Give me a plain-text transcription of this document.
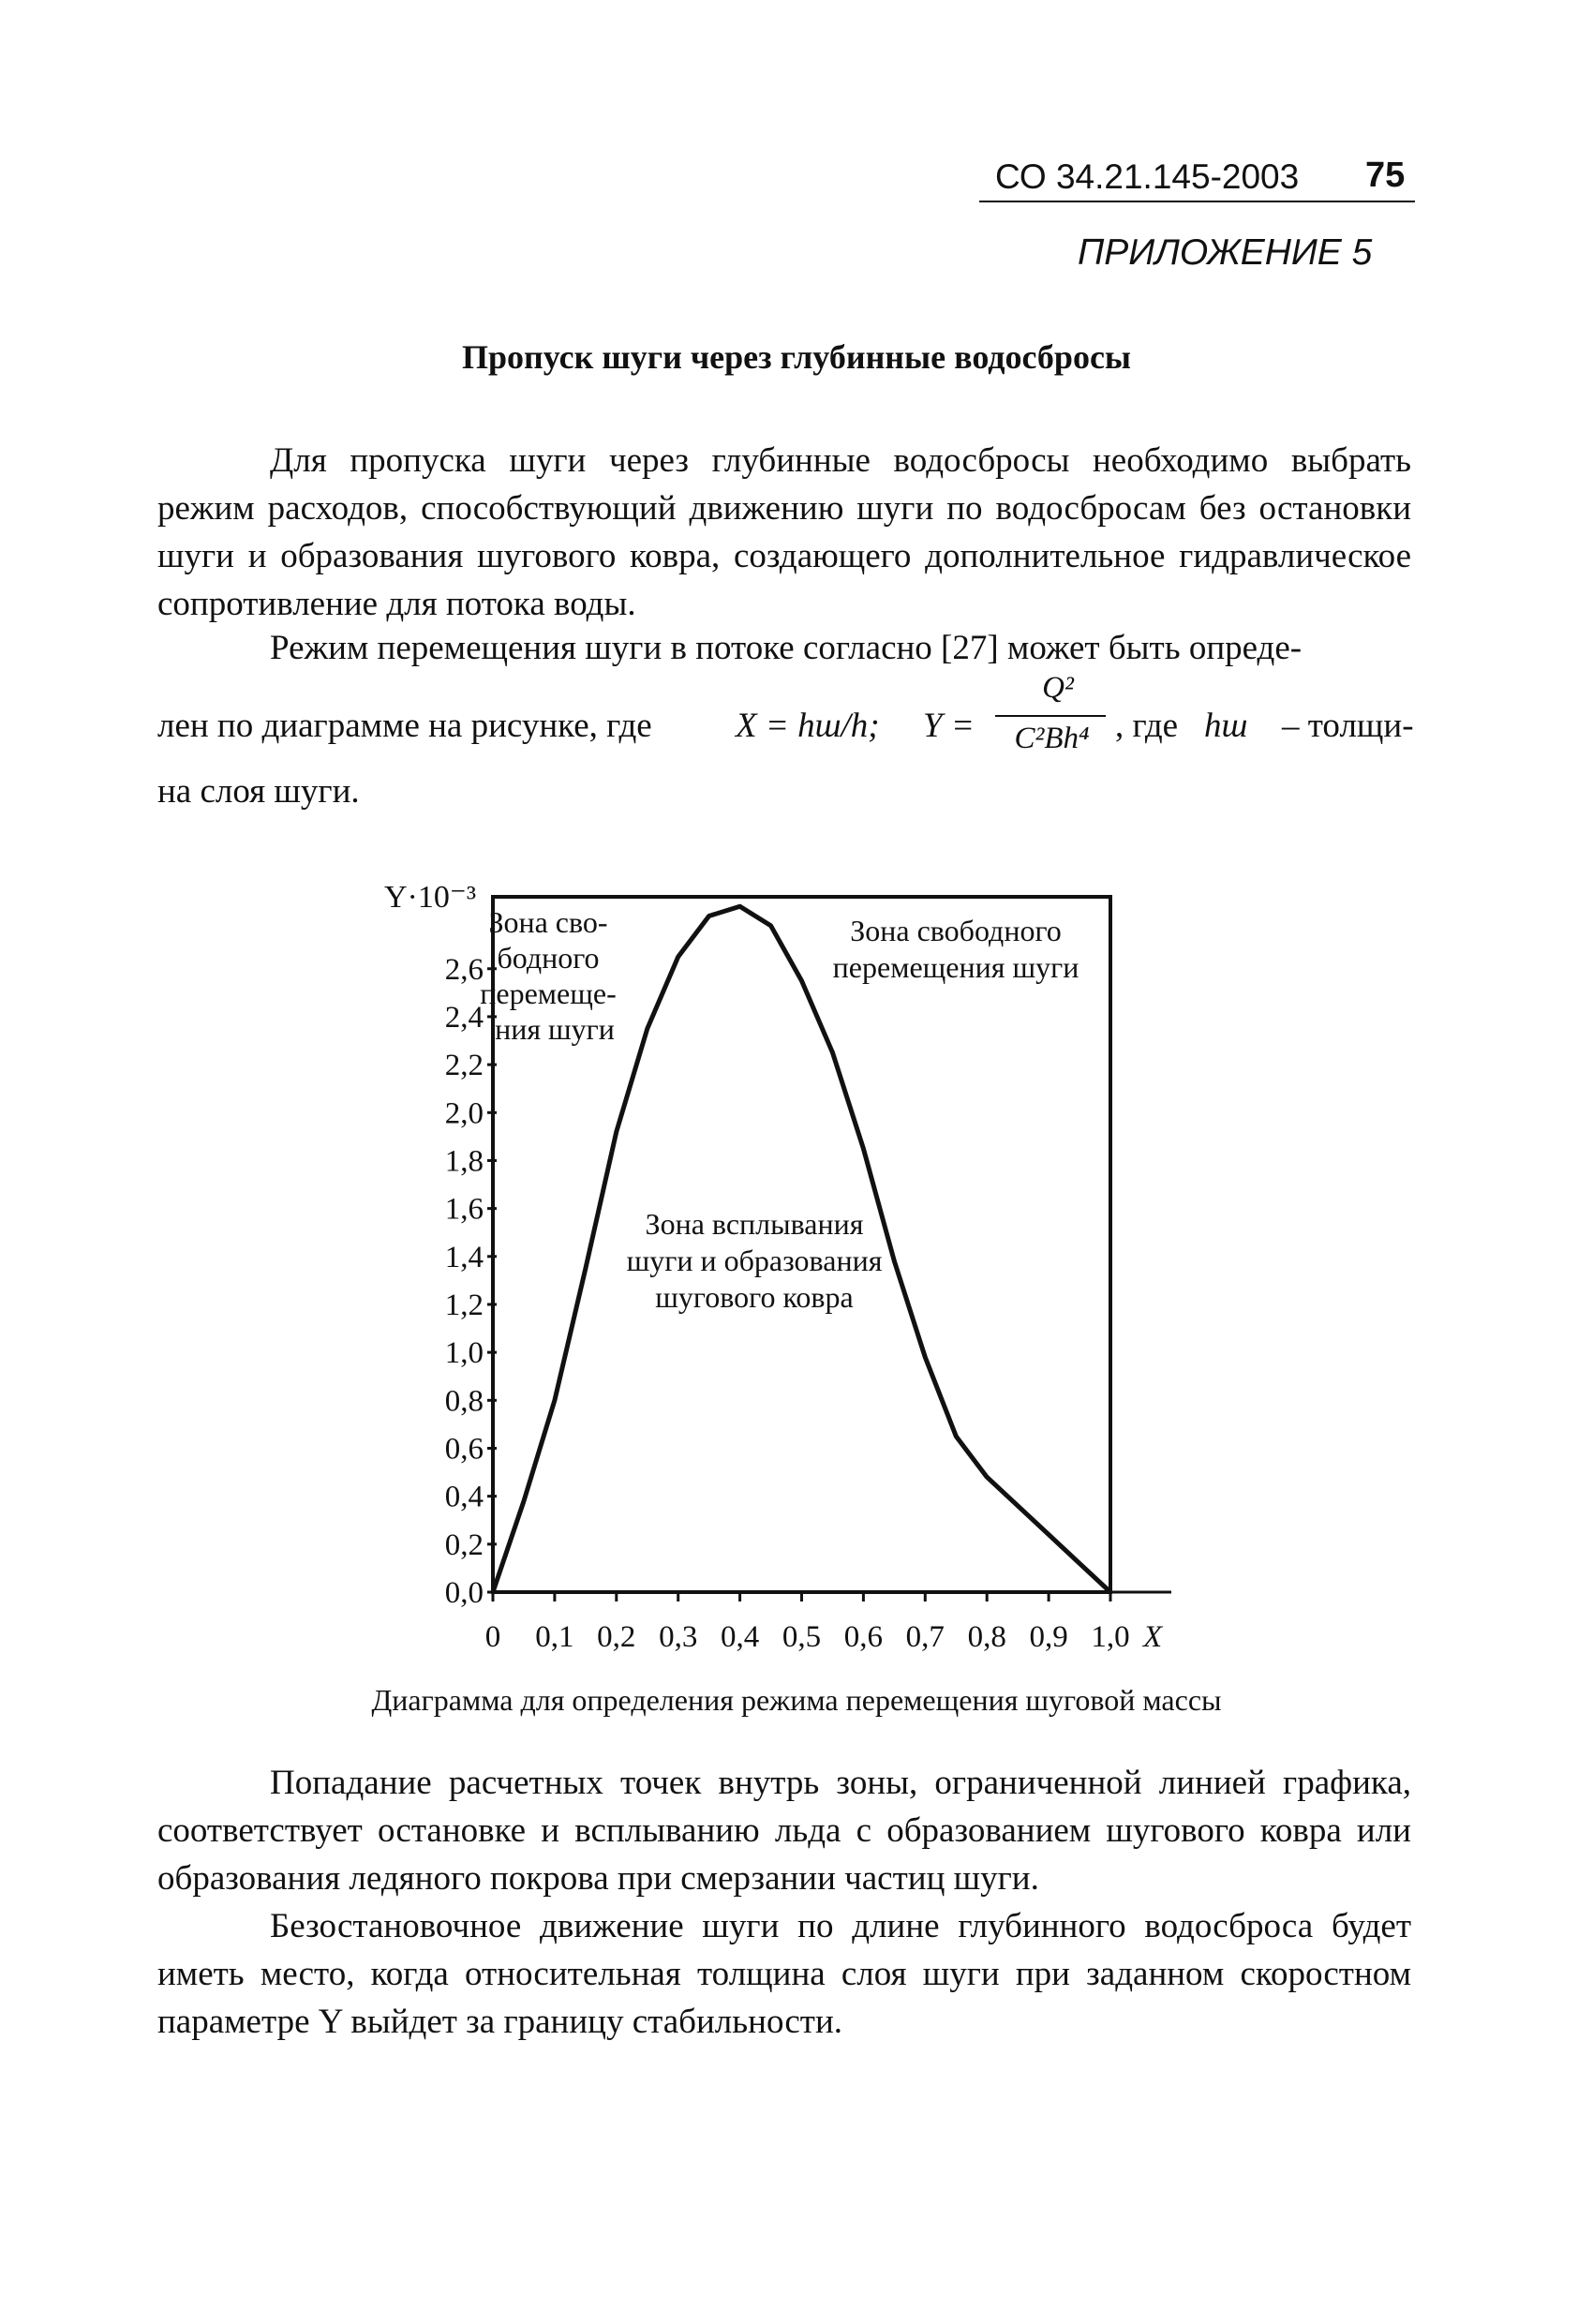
СО 34.21.145-2003 75
ПРИЛОЖЕНИЕ 5
Пропуск шуги через глубинные водосбросы

Для пропуска шуги через глубинные водосбросы необходимо выбрать режим расходов, способствующий движению шуги по водосбросам без остановки шуги и образования шугового ковра, создающего дополнительное гидравлическое сопротивление для потока воды.

Режим перемещения шуги в потоке согласно [27] может быть опреде-
лен по диаграмме на рисунке, где X = hш/h; Y =
Q²
C²Bh⁴ , где hш – толщи-
на слоя шуги.
Y·10⁻³
0,0
0,2
0,4
0,6
0,8
1,0
1,2
1,4
1,6
1,8
2,0
2,2
2,4
2,6
0 0,1 0,2 0,3 0,4 0,5 0,6 0,7 0,8 0,9 1,0 X
Зона сво-
бодного
перемеще-
ния шуги
Зона свободного
перемещения шуги
Зона всплывания
шуги и образования
шугового ковра
Диаграмма для определения режима перемещения шуговой массы

Попадание расчетных точек внутрь зоны, ограниченной линией графика, соответствует остановке и всплыванию льда с образованием шугового ковра или образования ледяного покрова при смерзании частиц шуги.

Безостановочное движение шуги по длине глубинного водосброса будет иметь место, когда относительная толщина слоя шуги при заданном скоростном параметре Y выйдет за границу стабильности.
